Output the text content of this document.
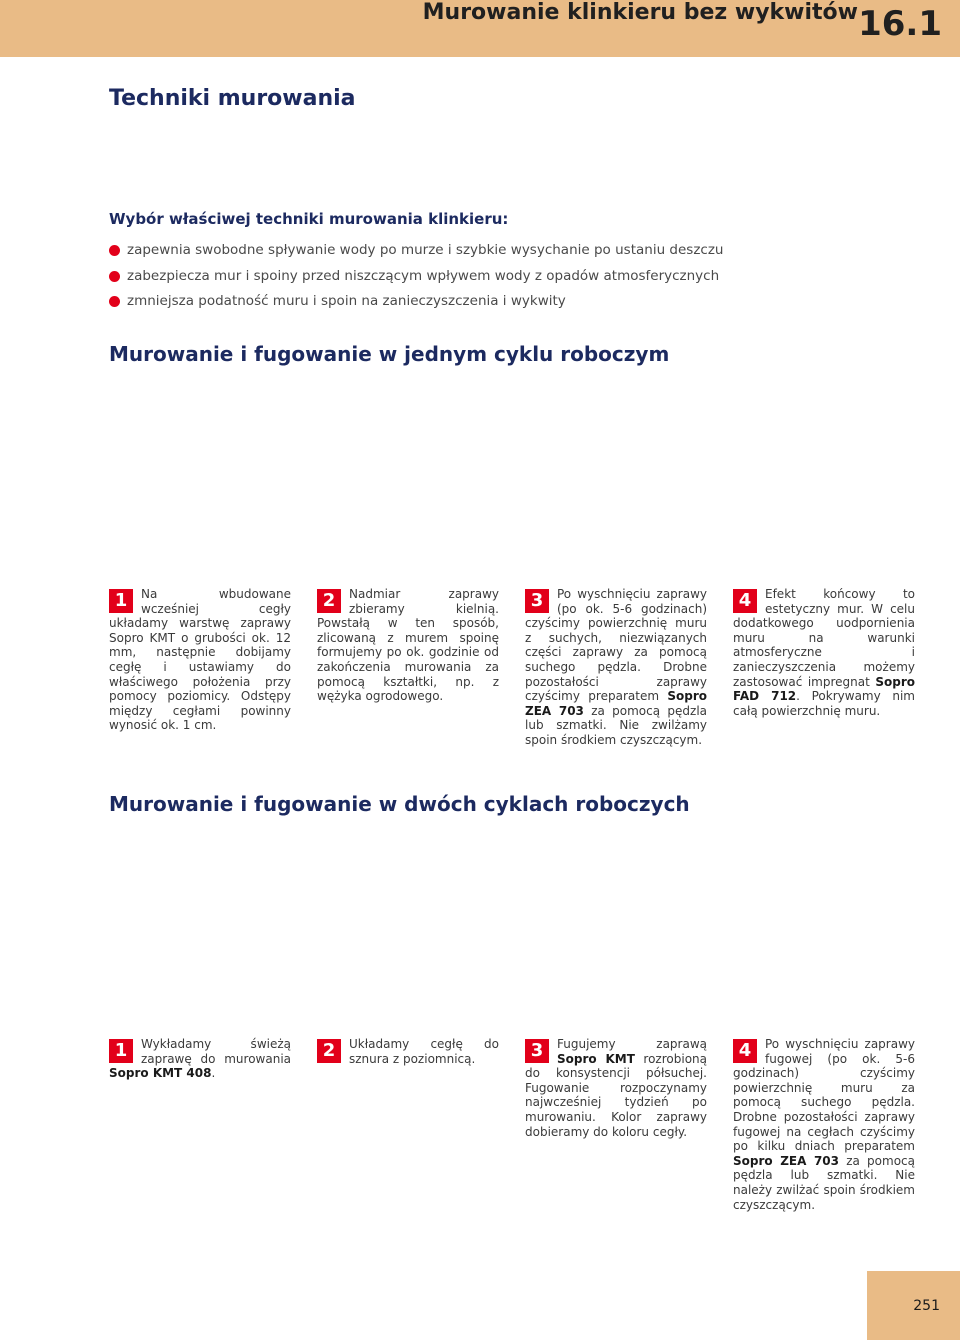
Murowanie klinkieru bez wykwitów 16.1
Techniki murowania
Wybór właściwej techniki murowania klinkieru:
zapewnia swobodne spływanie wody po murze i szybkie wysychanie po ustaniu deszczu
zabezpiecza mur i spoiny przed niszczącym wpływem wody z opadów atmosferycznych
zmniejsza podatność muru i spoin na zanieczyszczenia i wykwity
Murowanie i fugowanie w jednym cyklu roboczym

1	Na wbudowane wcześniej cegły układamy warstwę zaprawy Sopro KMT o grubości ok. 12 mm, następnie dobijamy cegłę i ustawiamy do właściwego położenia przy pomocy poziomicy. Odstępy między cegłami powinny wynosić ok. 1 cm.

2	Nadmiar zaprawy zbieramy kielnią. Powstałą w ten sposób, zlicowaną z murem spoinę formujemy po ok. godzinie od zakończenia murowania za pomocą kształtki, np. z wężyka ogrodowego.

3	Po wyschnięciu zaprawy (po ok. 5-6 godzinach) czyścimy powierzchnię muru z suchych, niezwiązanych części zaprawy za pomocą suchego pędzla. Drobne pozostałości zaprawy czyścimy preparatem Sopro ZEA 703 za pomocą pędzla lub szmatki. Nie zwilżamy spoin środkiem czyszczącym.

4	Efekt końcowy to estetyczny mur. W celu dodatkowego uodpornienia muru na warunki atmosferyczne i zanieczyszczenia możemy zastosować impregnat Sopro FAD 712. Pokrywamy nim całą powierzchnię muru.

Murowanie i fugowanie w dwóch cyklach roboczych

1	Wykładamy świeżą zaprawę do murowania Sopro KMT 408.

2	Układamy cegłę do sznura z poziomnicą.	3	Fugujemy zaprawą Sopro KMT rozrobioną do konsystencji półsuchej. Fugowanie rozpoczynamy najwcześniej tydzień po murowaniu. Kolor zaprawy dobieramy do koloru cegły.

4	Po wyschnięciu zaprawy fugowej (po ok. 5-6 godzinach) czyścimy powierzchnię muru za pomocą suchego pędzla. Drobne pozostałości zaprawy fugowej na cegłach czyścimy po kilku dniach preparatem Sopro ZEA 703 za pomocą pędzla lub szmatki. Nie należy zwilżać spoin środkiem czyszczącym.

251
